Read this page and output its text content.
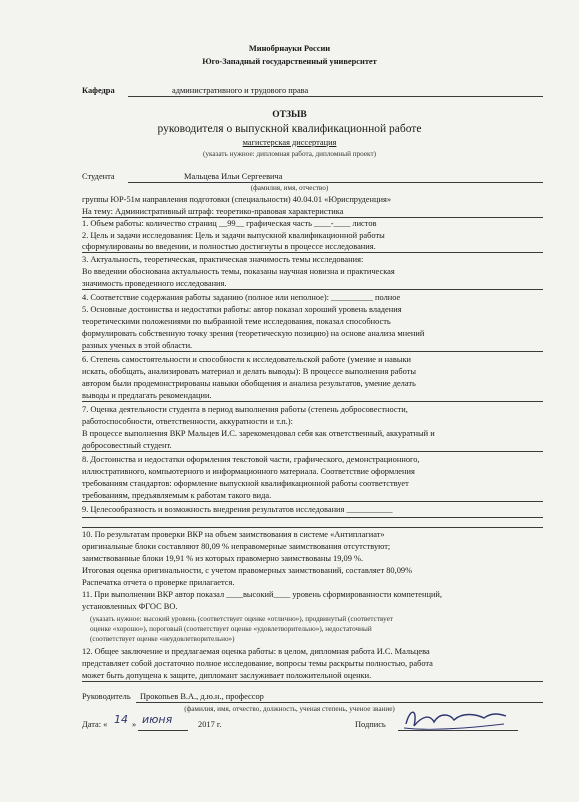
Минобрнауки России
Юго-Западный государственный университет
Кафедра	административного и трудового права
ОТЗЫВ
руководителя о выпускной квалификационной работе
магистерская диссертация
(указать нужное: дипломная работа, дипломный проект)
Студента	Мальцева Ильи Сергеевича
(фамилия, имя, отчество)
группы ЮР-51м направления подготовки (специальности) 40.04.01 «Юриспруденция»
На тему: Административный штраф: теоретико-правовая характеристика
1. Объем работы: количество страниц __99__ графическая часть ____-____ листов
2. Цель и задачи исследования: Цель и задачи выпускной квалификационной работы
сформулированы во введении, и полностью достигнуты в процессе исследования.
3. Актуальность, теоретическая, практическая значимость темы исследования:
Во введении обоснована актуальность темы, показаны научная новизна и практическая
значимость проведенного исследования.
4. Соответствие содержания работы заданию (полное или неполное): __________ полное
5. Основные достоинства и недостатки работы: автор показал хороший уровень владения
теоретическими положениями по выбранной теме исследования, показал способность
формулировать собственную точку зрения (теоретическую позицию) на основе анализа мнений
разных ученых в этой области.
6. Степень самостоятельности и способности к исследовательской работе (умение и навыки
искать, обобщать, анализировать материал и делать выводы): В процессе выполнения работы
автором были продемонстрированы навыки обобщения и анализа результатов, умение делать
выводы и предлагать рекомендации.
7. Оценка деятельности студента в период выполнения работы (степень добросовестности,
работоспособности, ответственности, аккуратности и т.п.):
В процессе выполнения ВКР Мальцев И.С. зарекомендовал себя как ответственный, аккуратный и
добросовестный студент.
8. Достоинства и недостатки оформления текстовой части, графического, демонстрационного,
иллюстративного, компьютерного и информационного материала. Соответствие оформления
требованиям стандартов: оформление выпускной квалификационной работы соответствует
требованиям, предъявляемым к работам такого вида.
9. Целесообразность и возможность внедрения результатов исследования ___________
10. По результатам проверки ВКР на объем заимствования в системе «Антиплагиат»
оригинальные блоки составляют 80,09 % неправомерные заимствования отсутствуют;
заимствованные блоки 19,91 % из которых правомерно заимствованы 19,09 %.
Итоговая оценка оригинальности, с учетом правомерных заимствований, составляет 80,09%
Распечатка отчета о проверке прилагается.
11. При выполнении ВКР автор показал ____высокий____ уровень сформированности компетенций,
установленных ФГОС ВО.
(указать нужное: высокий уровень (соответствует оценке «отлично»), продвинутый (соответствует
оценке «хорошо»), пороговый (соответствует оценке «удовлетворительно»), недостаточный
(соответствует оценке «неудовлетворительно»)
12. Общее заключение и предлагаемая оценка работы: в целом, дипломная работа И.С. Мальцева
представляет собой достаточно полное исследование, вопросы темы раскрыты полностью, работа
может быть допущена к защите, дипломант заслуживает положительной оценки.
Руководитель Прокопьев В.А., д.ю.н., профессор
(фамилия, имя, отчество, должность, ученая степень, ученое звание)
Дата: « 14 » июня	2017 г.	Подпись
